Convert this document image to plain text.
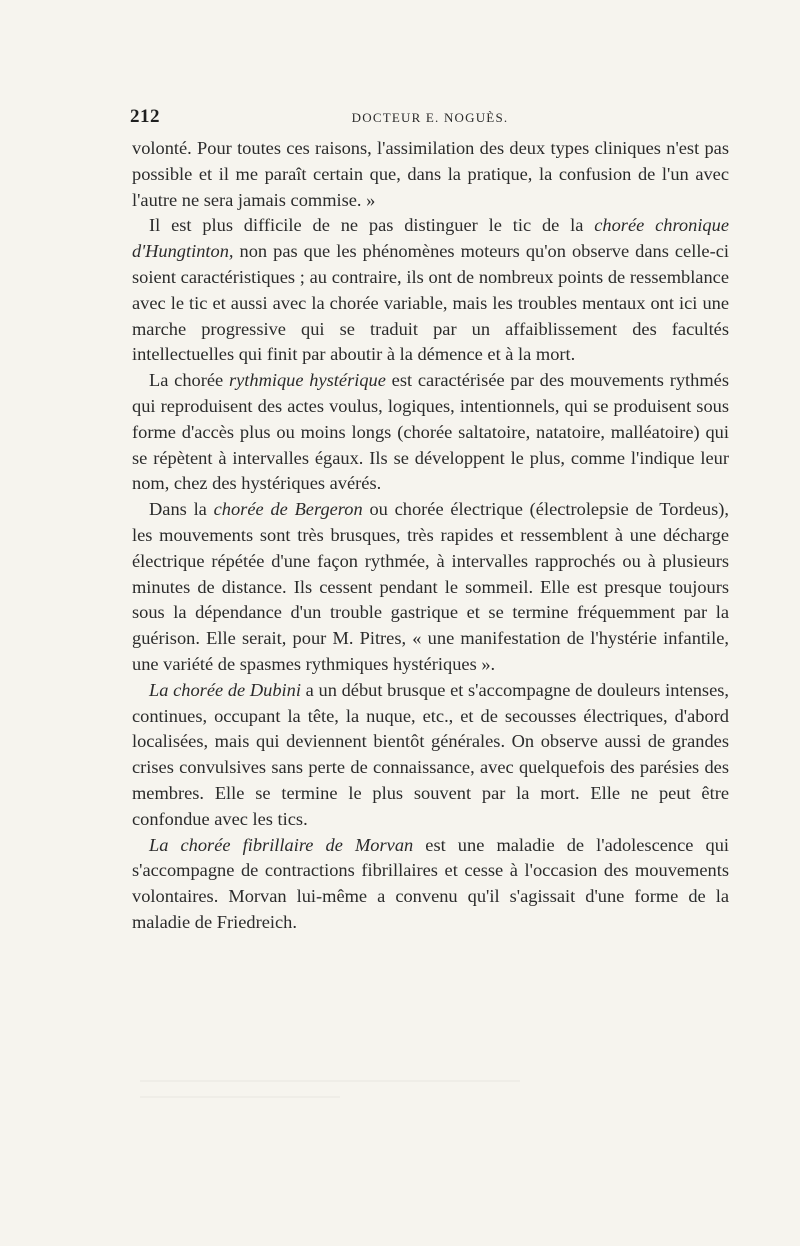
212	DOCTEUR E. NOGUÈS.

volonté. Pour toutes ces raisons, l'assimilation des deux types cliniques n'est pas possible et il me paraît certain que, dans la pratique, la confusion de l'un avec l'autre ne sera jamais commise. »

Il est plus difficile de ne pas distinguer le tic de la chorée chronique d'Hungtinton, non pas que les phénomènes moteurs qu'on observe dans celle-ci soient caractéristiques ; au contraire, ils ont de nombreux points de ressemblance avec le tic et aussi avec la chorée variable, mais les troubles mentaux ont ici une marche progressive qui se traduit par un affaiblissement des facultés intellectuelles qui finit par aboutir à la démence et à la mort.

La chorée rythmique hystérique est caractérisée par des mouvements rythmés qui reproduisent des actes voulus, logiques, intentionnels, qui se produisent sous forme d'accès plus ou moins longs (chorée saltatoire, natatoire, malléatoire) qui se répètent à intervalles égaux. Ils se développent le plus, comme l'indique leur nom, chez des hystériques avérés.

Dans la chorée de Bergeron ou chorée électrique (électrolepsie de Tordeus), les mouvements sont très brusques, très rapides et ressemblent à une décharge électrique répétée d'une façon rythmée, à intervalles rapprochés ou à plusieurs minutes de distance. Ils cessent pendant le sommeil. Elle est presque toujours sous la dépendance d'un trouble gastrique et se termine fréquemment par la guérison. Elle serait, pour M. Pitres, « une manifestation de l'hystérie infantile, une variété de spasmes rythmiques hystériques ».

La chorée de Dubini a un début brusque et s'accompagne de douleurs intenses, continues, occupant la tête, la nuque, etc., et de secousses électriques, d'abord localisées, mais qui deviennent bientôt générales. On observe aussi de grandes crises convulsives sans perte de connaissance, avec quelquefois des parésies des membres. Elle se termine le plus souvent par la mort. Elle ne peut être confondue avec les tics.

La chorée fibrillaire de Morvan est une maladie de l'adolescence qui s'accompagne de contractions fibrillaires et cesse à l'occasion des mouvements volontaires. Morvan lui-même a convenu qu'il s'agissait d'une forme de la maladie de Friedreich.
